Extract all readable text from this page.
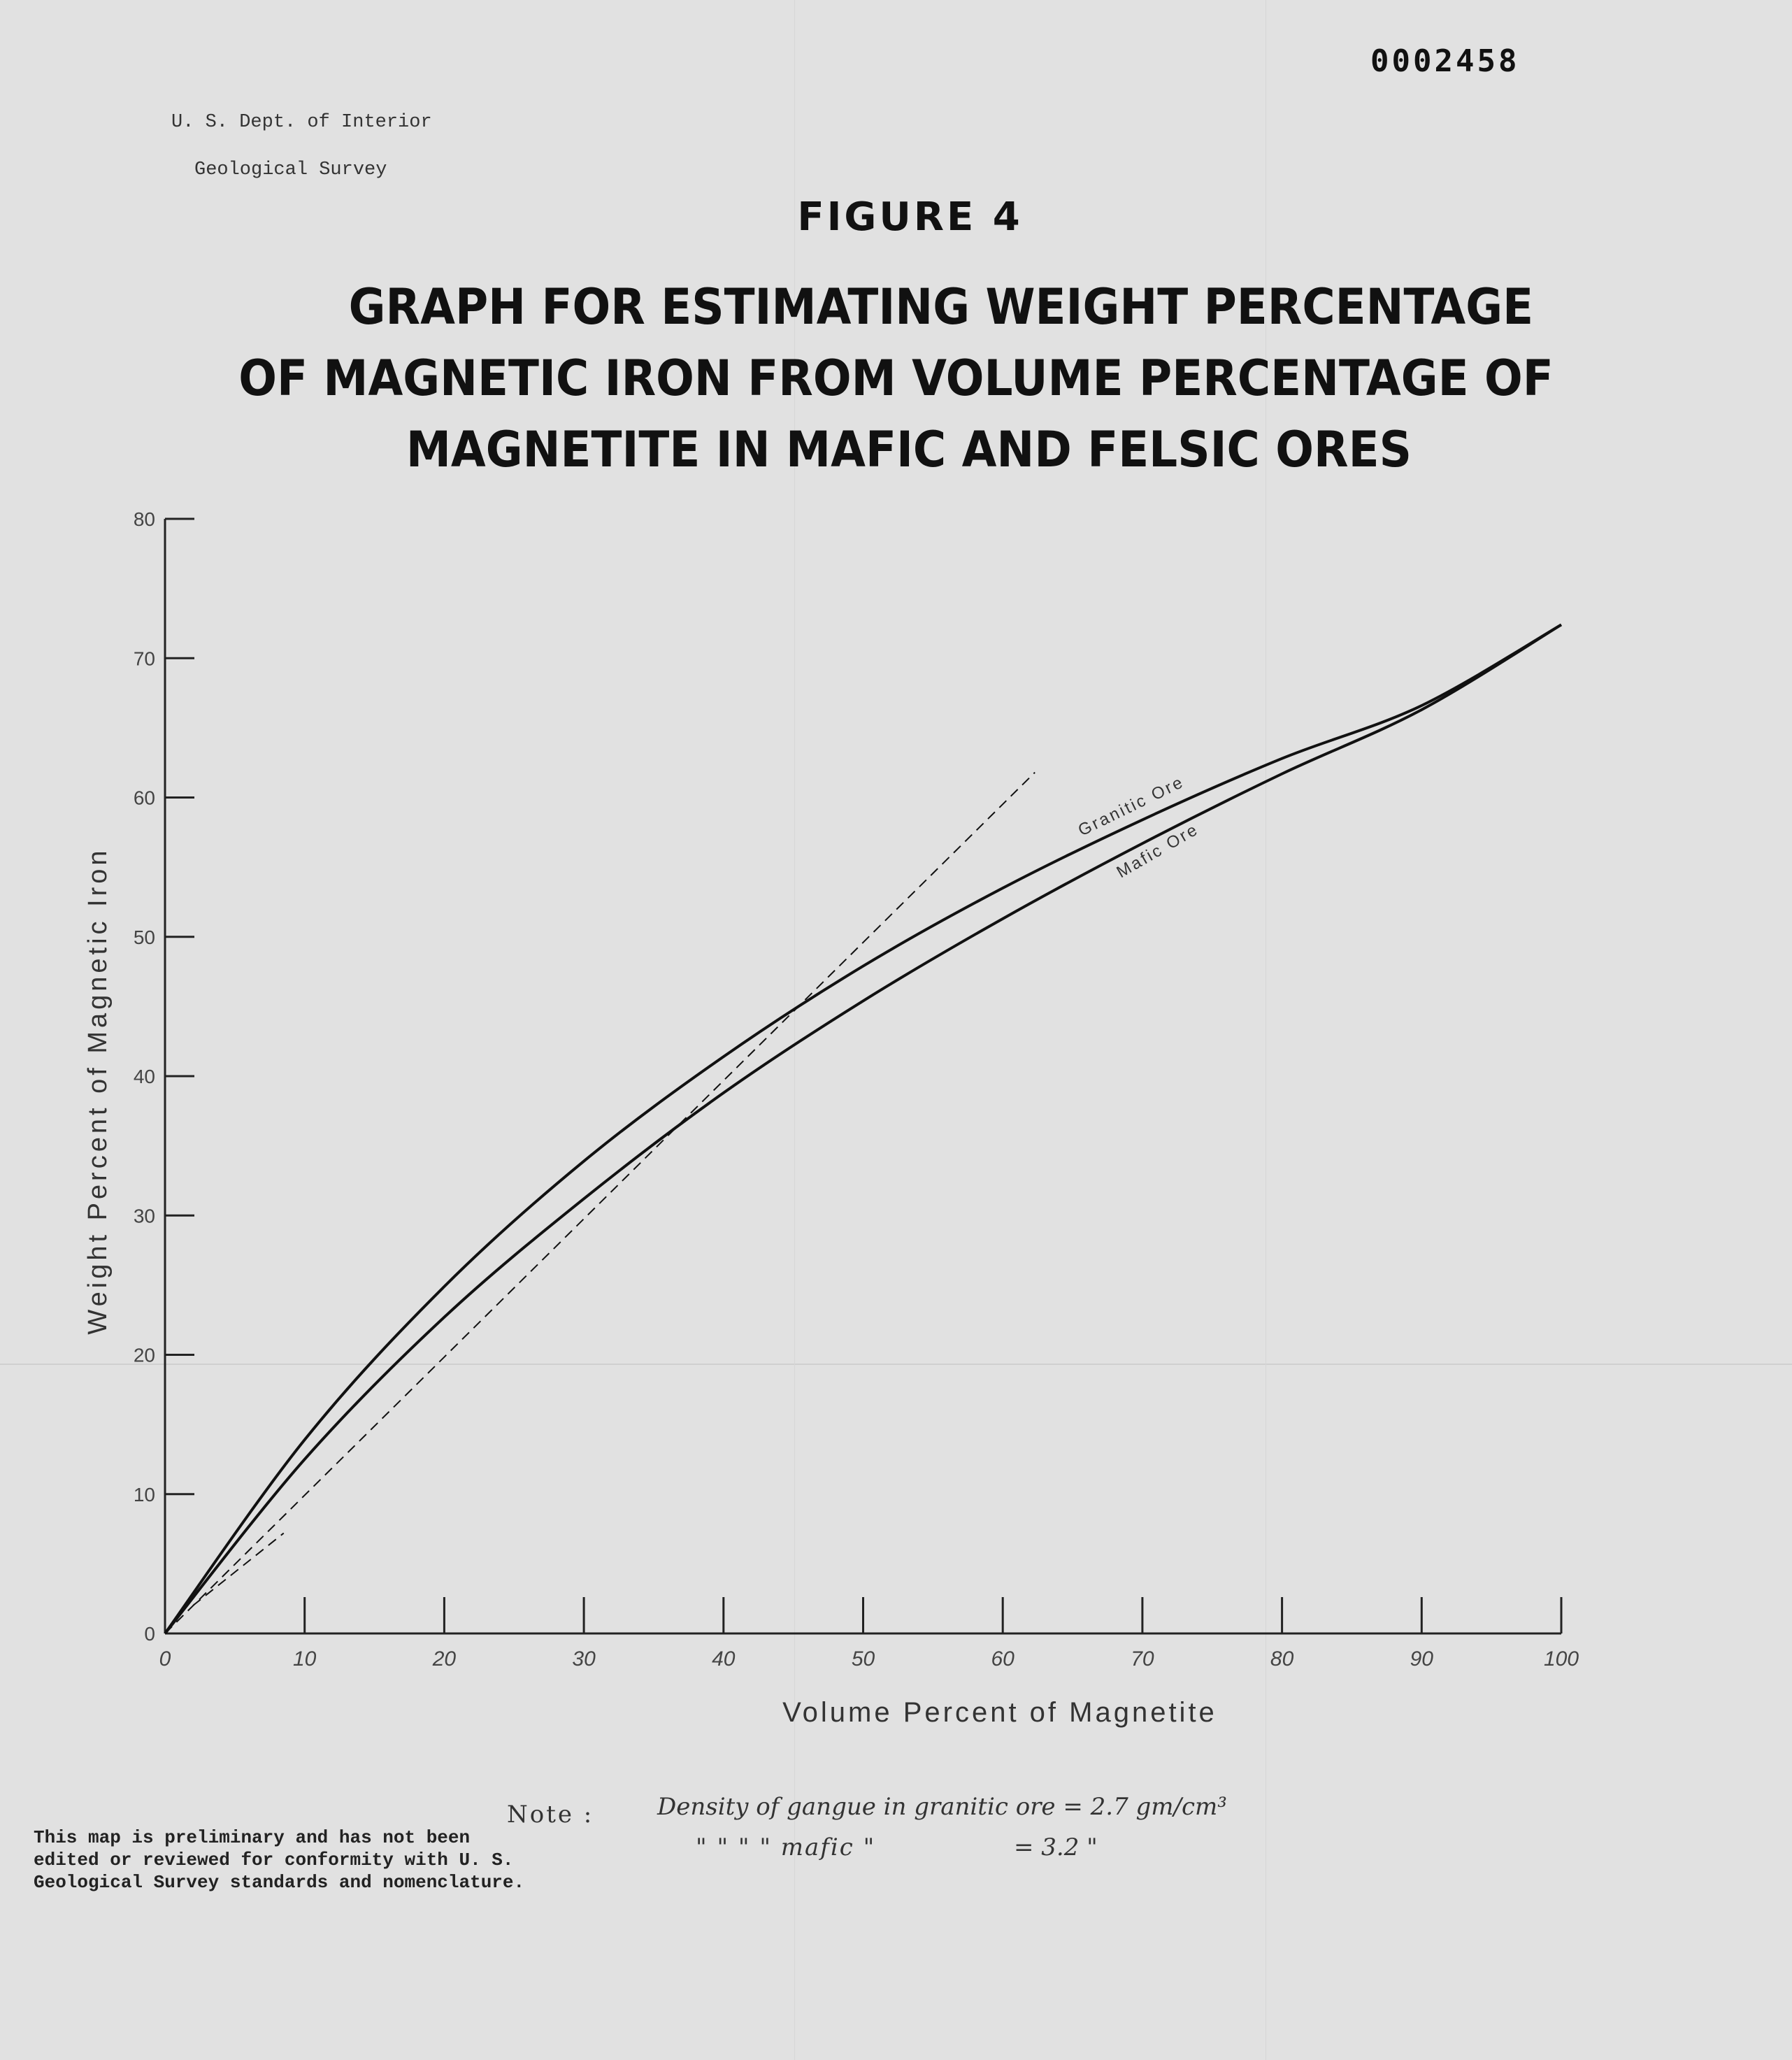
0002458
U. S. Dept. of Interior
Geological Survey
FIGURE 4
GRAPH FOR ESTIMATING WEIGHT PERCENTAGE
OF MAGNETIC IRON FROM VOLUME PERCENTAGE OF
MAGNETITE IN MAFIC AND FELSIC ORES
0
10
20
30
40
50
60
70
80
0	10	20	30	40	50	60	70	80	90	100
Volume Percent of Magnetite
Weight Percent of Magnetic Iron
Granitic Ore
Mafic Ore
Note :	Density of gangue in granitic ore = 2.7 gm/cm³
" " " " mafic "	= 3.2 "
This map is preliminary and has not been
edited or reviewed for conformity with U. S.
Geological Survey standards and nomenclature.
